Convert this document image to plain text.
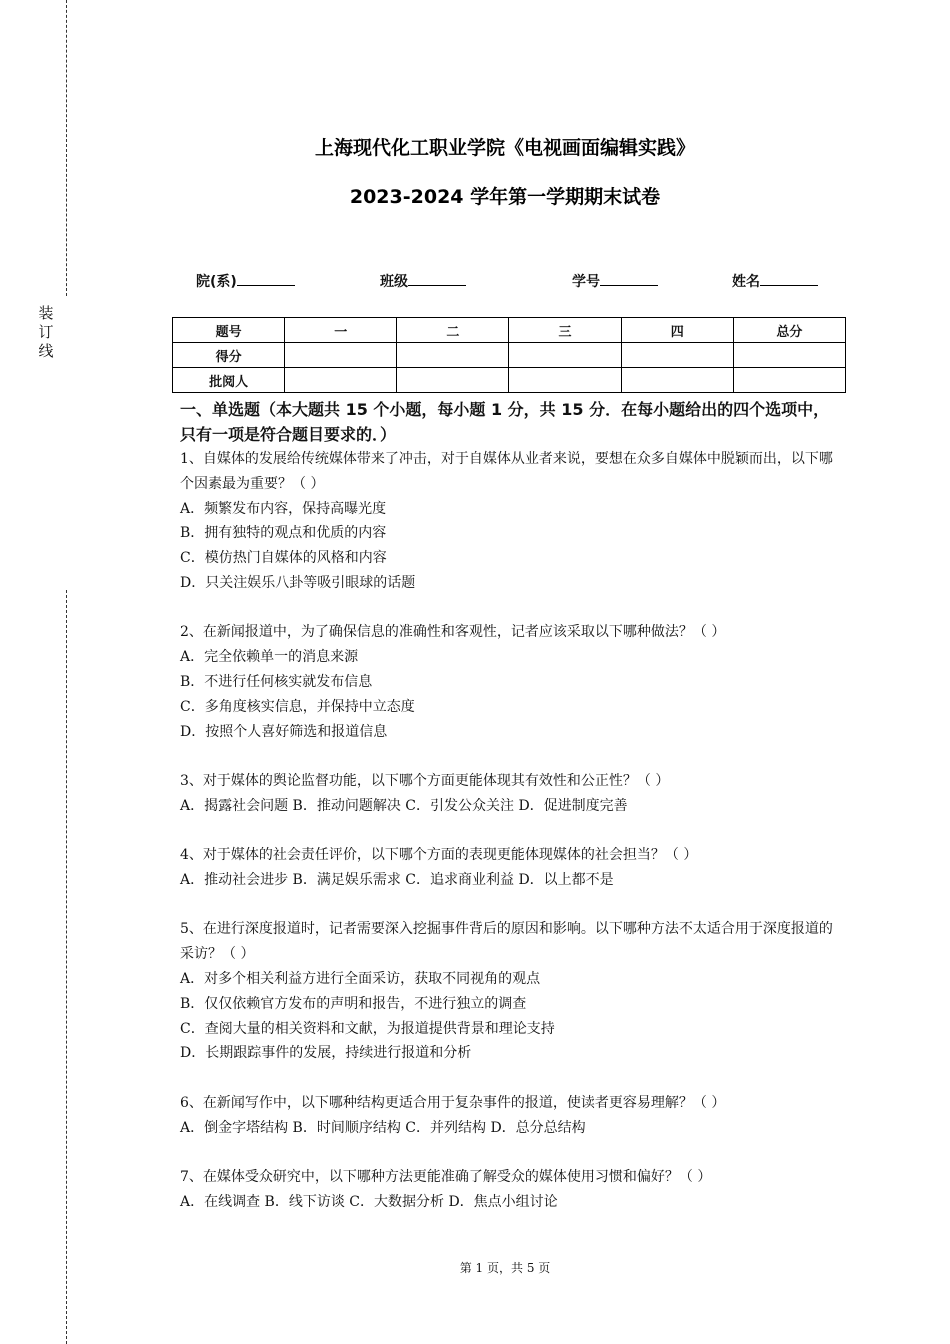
装
订
线
上海现代化工职业学院《电视画面编辑实践》
2023-2024 学年第一学期期末试卷
院(系)	班级	学号	姓名
题号	一	二	三	四	总分
得分					
批阅人					
一、单选题（本大题共 15 个小题，每小题 1 分，共 15 分．在每小题给出的四个选项中，只有一项是符合题目要求的．）

1、自媒体的发展给传统媒体带来了冲击，对于自媒体从业者来说，要想在众多自媒体中脱颖而出，以下哪个因素最为重要？（ ）

A．频繁发布内容，保持高曝光度

B．拥有独特的观点和优质的内容

C．模仿热门自媒体的风格和内容

D．只关注娱乐八卦等吸引眼球的话题

2、在新闻报道中，为了确保信息的准确性和客观性，记者应该采取以下哪种做法？（ ）

A．完全依赖单一的消息来源

B．不进行任何核实就发布信息

C．多角度核实信息，并保持中立态度

D．按照个人喜好筛选和报道信息

3、对于媒体的舆论监督功能，以下哪个方面更能体现其有效性和公正性？（ ）

A．揭露社会问题 B．推动问题解决 C．引发公众关注 D．促进制度完善

4、对于媒体的社会责任评价，以下哪个方面的表现更能体现媒体的社会担当？（ ）

A．推动社会进步 B．满足娱乐需求 C．追求商业利益 D．以上都不是

5、在进行深度报道时，记者需要深入挖掘事件背后的原因和影响。以下哪种方法不太适合用于深度报道的采访？（ ）

A．对多个相关利益方进行全面采访，获取不同视角的观点

B．仅仅依赖官方发布的声明和报告，不进行独立的调查

C．查阅大量的相关资料和文献，为报道提供背景和理论支持

D．长期跟踪事件的发展，持续进行报道和分析

6、在新闻写作中，以下哪种结构更适合用于复杂事件的报道，使读者更容易理解？（ ）

A．倒金字塔结构 B．时间顺序结构 C．并列结构 D．总分总结构

7、在媒体受众研究中，以下哪种方法更能准确了解受众的媒体使用习惯和偏好？（ ）

A．在线调查 B．线下访谈 C．大数据分析 D．焦点小组讨论

第 1 页，共 5 页
